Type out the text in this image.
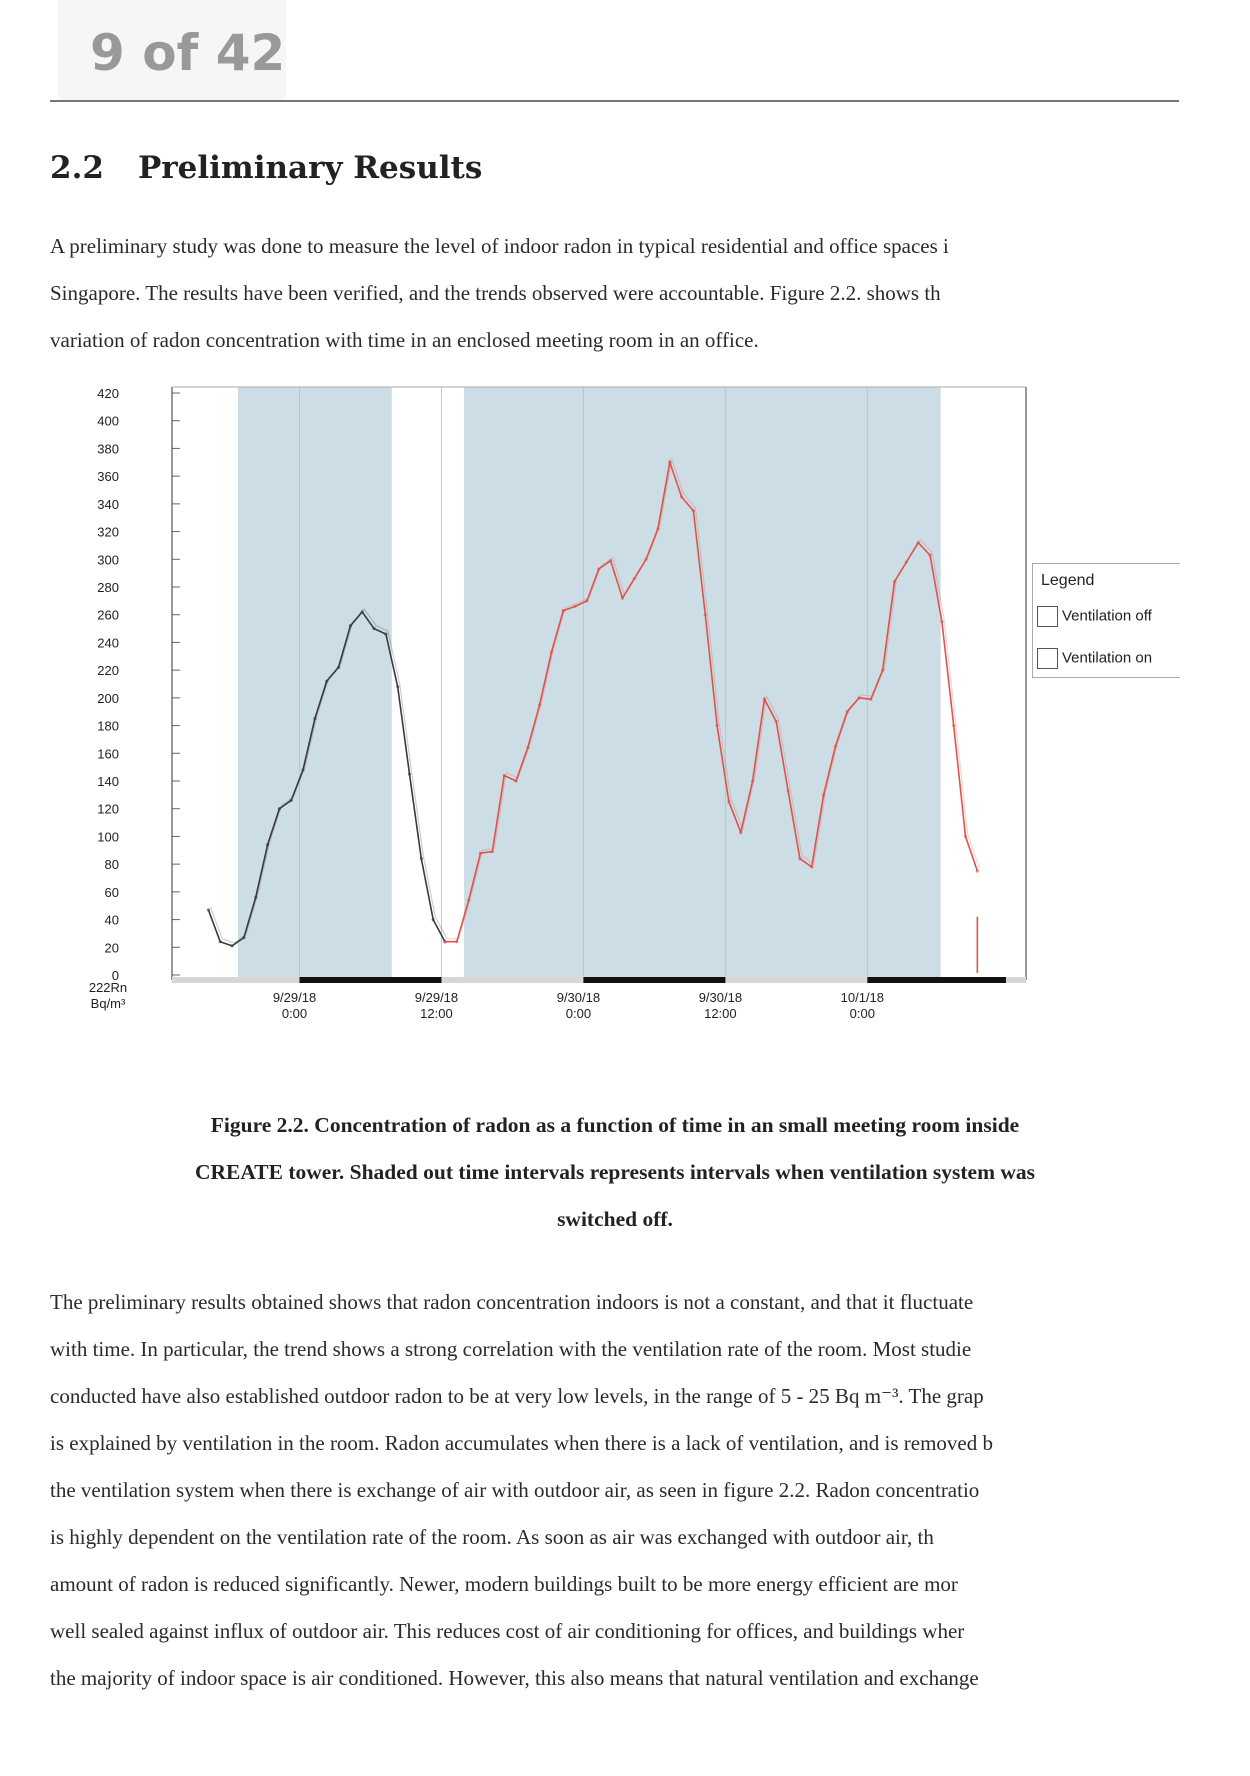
9 of 42
2.2 Preliminary Results
A preliminary study was done to measure the level of indoor radon in typical residential and office spaces i
Singapore. The results have been verified, and the trends observed were accountable. Figure 2.2. shows th
variation of radon concentration with time in an enclosed meeting room in an office.
0
20
40
60
80
100
120
140
160
180
200
220
240
260
280
300
320
340
360
380
400
420
222Rn
Bq/m³	9/29/18
0:00
9/29/18
12:00
9/30/18
0:00
9/30/18
12:00
10/1/18
0:00
Legend
Ventilation off
Ventilation on
Figure 2.2. Concentration of radon as a function of time in an small meeting room inside
CREATE tower. Shaded out time intervals represents intervals when ventilation system was
switched off.
The preliminary results obtained shows that radon concentration indoors is not a constant, and that it fluctuate
with time. In particular, the trend shows a strong correlation with the ventilation rate of the room. Most studie
conducted have also established outdoor radon to be at very low levels, in the range of 5 - 25 Bq m⁻³. The grap
is explained by ventilation in the room. Radon accumulates when there is a lack of ventilation, and is removed b
the ventilation system when there is exchange of air with outdoor air, as seen in figure 2.2. Radon concentratio
is highly dependent on the ventilation rate of the room. As soon as air was exchanged with outdoor air, th
amount of radon is reduced significantly. Newer, modern buildings built to be more energy efficient are mor
well sealed against influx of outdoor air. This reduces cost of air conditioning for offices, and buildings wher
the majority of indoor space is air conditioned. However, this also means that natural ventilation and exchange
